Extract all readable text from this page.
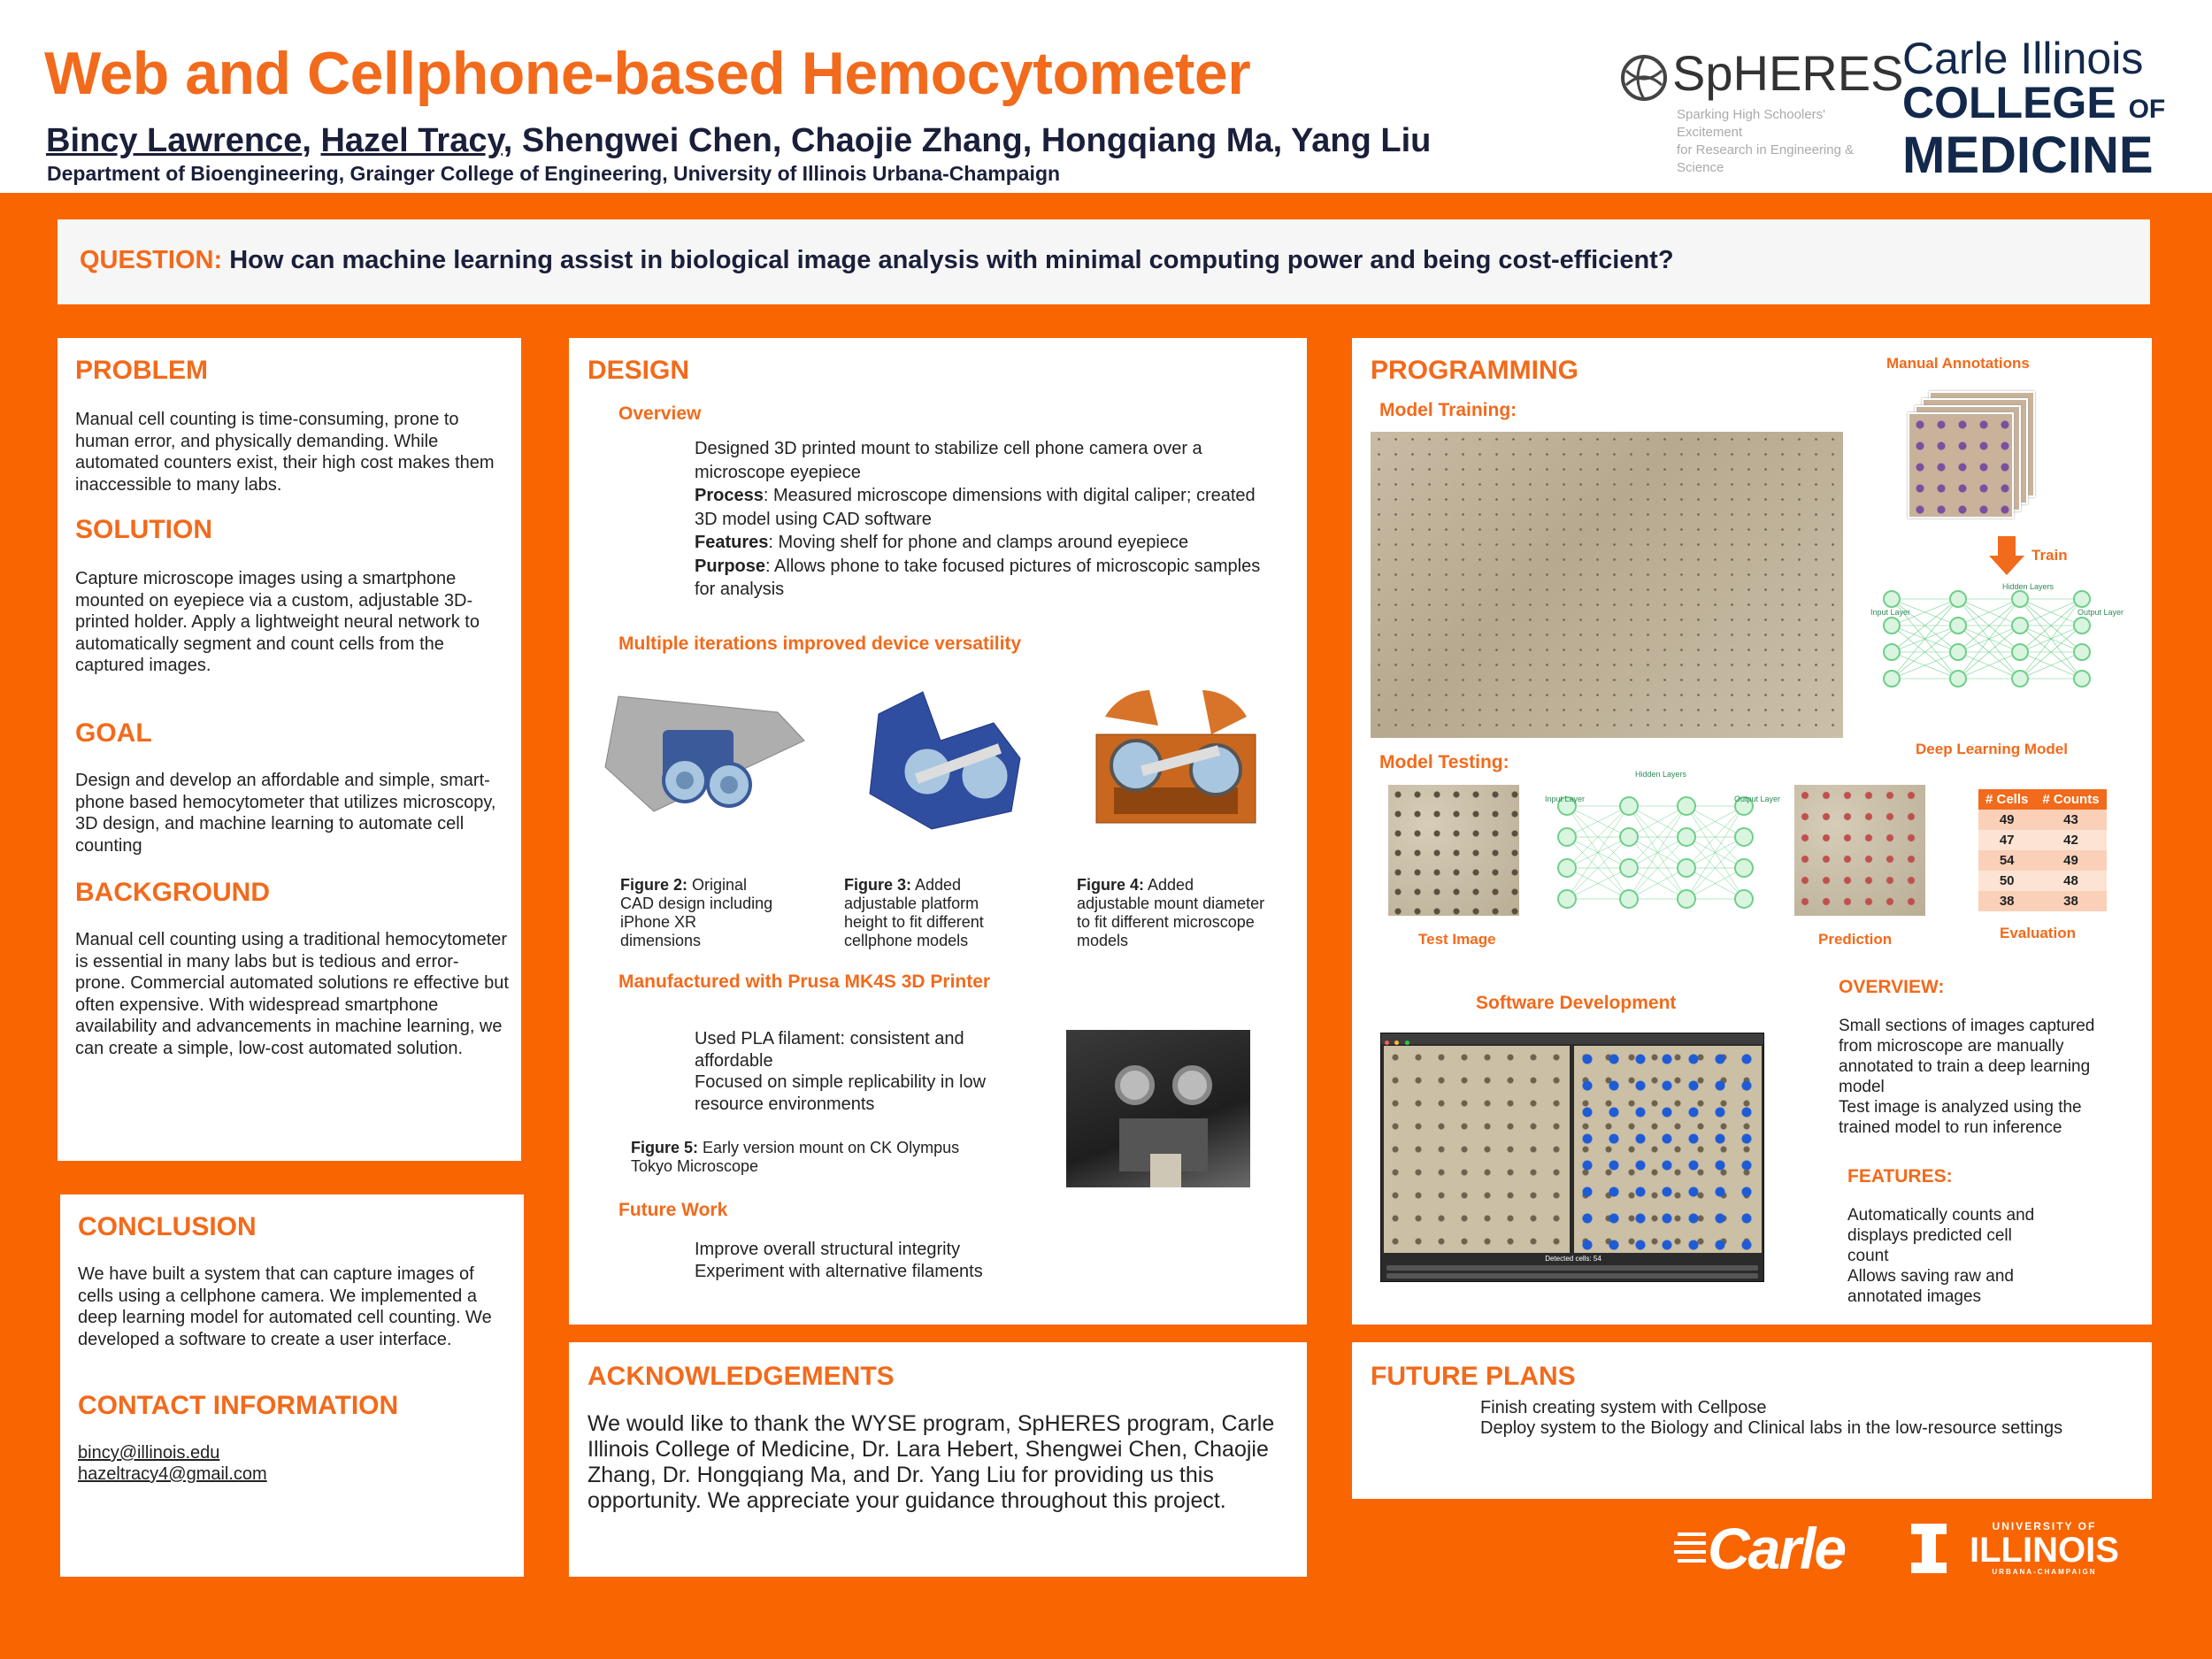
Web and Cellphone-based Hemocytometer
Bincy Lawrence, Hazel Tracy, Shengwei Chen, Chaojie Zhang, Hongqiang Ma, Yang Liu
Department of Bioengineering, Grainger College of Engineering, University of Illinois Urbana-Champaign
SpHERES
Sparking High Schoolers' Excitement
for Research in Engineering & Science
Carle Illinois
COLLEGE OF
MEDICINE
QUESTION: How can machine learning assist in biological image analysis with minimal computing power and being cost-efficient?
PROBLEM
Manual cell counting is time-consuming, prone to human error, and physically demanding. While automated counters exist, their high cost makes them inaccessible to many labs.
SOLUTION
Capture microscope images using a smartphone mounted on eyepiece via a custom, adjustable 3D-printed holder. Apply a lightweight neural network to automatically segment and count cells from the captured images.
GOAL
Design and develop an affordable and simple, smart-phone based hemocytometer that utilizes microscopy, 3D design, and machine learning to automate cell counting
BACKGROUND
Manual cell counting using a traditional hemocytometer is essential in many labs but is tedious and error-prone. Commercial automated solutions re effective but often expensive. With widespread smartphone availability and advancements in machine learning, we can create a simple, low-cost automated solution.
CONCLUSION
We have built a system that can capture images of cells using a cellphone camera. We implemented a deep learning model for automated cell counting. We developed a software to create a user interface.
CONTACT INFORMATION
bincy@illinois.edu
hazeltracy4@gmail.com
DESIGN
Overview
Designed 3D printed mount to stabilize cell phone camera over a microscope eyepiece
Process: Measured microscope dimensions with digital caliper; created 3D model using CAD software
Features: Moving shelf for phone and clamps around eyepiece
Purpose: Allows phone to take focused pictures of microscopic samples for analysis
Multiple iterations improved device versatility
Figure 2: Original CAD design including iPhone XR dimensions
Figure 3: Added adjustable platform height to fit different cellphone models
Figure 4: Added adjustable mount diameter to fit different microscope models
Manufactured with Prusa MK4S 3D Printer
Used PLA filament: consistent and affordable
Focused on simple replicability in low resource environments
Figure 5: Early version mount on CK Olympus Tokyo Microscope
Future Work
Improve overall structural integrity
Experiment with alternative filaments
ACKNOWLEDGEMENTS
We would like to thank the WYSE program, SpHERES program, Carle Illinois College of Medicine, Dr. Lara Hebert, Shengwei Chen, Chaojie Zhang, Dr. Hongqiang Ma, and Dr. Yang Liu for providing us this opportunity. We appreciate your guidance throughout this project.
PROGRAMMING
Model Training:
Manual Annotations
Train
Hidden Layers
Input Layer	Output Layer
Deep Learning Model
Model Testing:
Test Image
Hidden Layers
Input Layer	Output Layer
Prediction
# Cells	# Counts
49	43
47	42
54	49
50	48
38	38
Evaluation
Software Development

Detected cells: 54
OVERVIEW:
Small sections of images captured from microscope are manually annotated to train a deep learning model
Test image is analyzed using the trained model to run inference
FEATURES:
Automatically counts and displays predicted cell count
Allows saving raw and annotated images
FUTURE PLANS
Finish creating system with Cellpose
Deploy system to the Biology and Clinical labs in the low-resource settings
Carle	UNIVERSITY OF
ILLINOIS
URBANA-CHAMPAIGN
